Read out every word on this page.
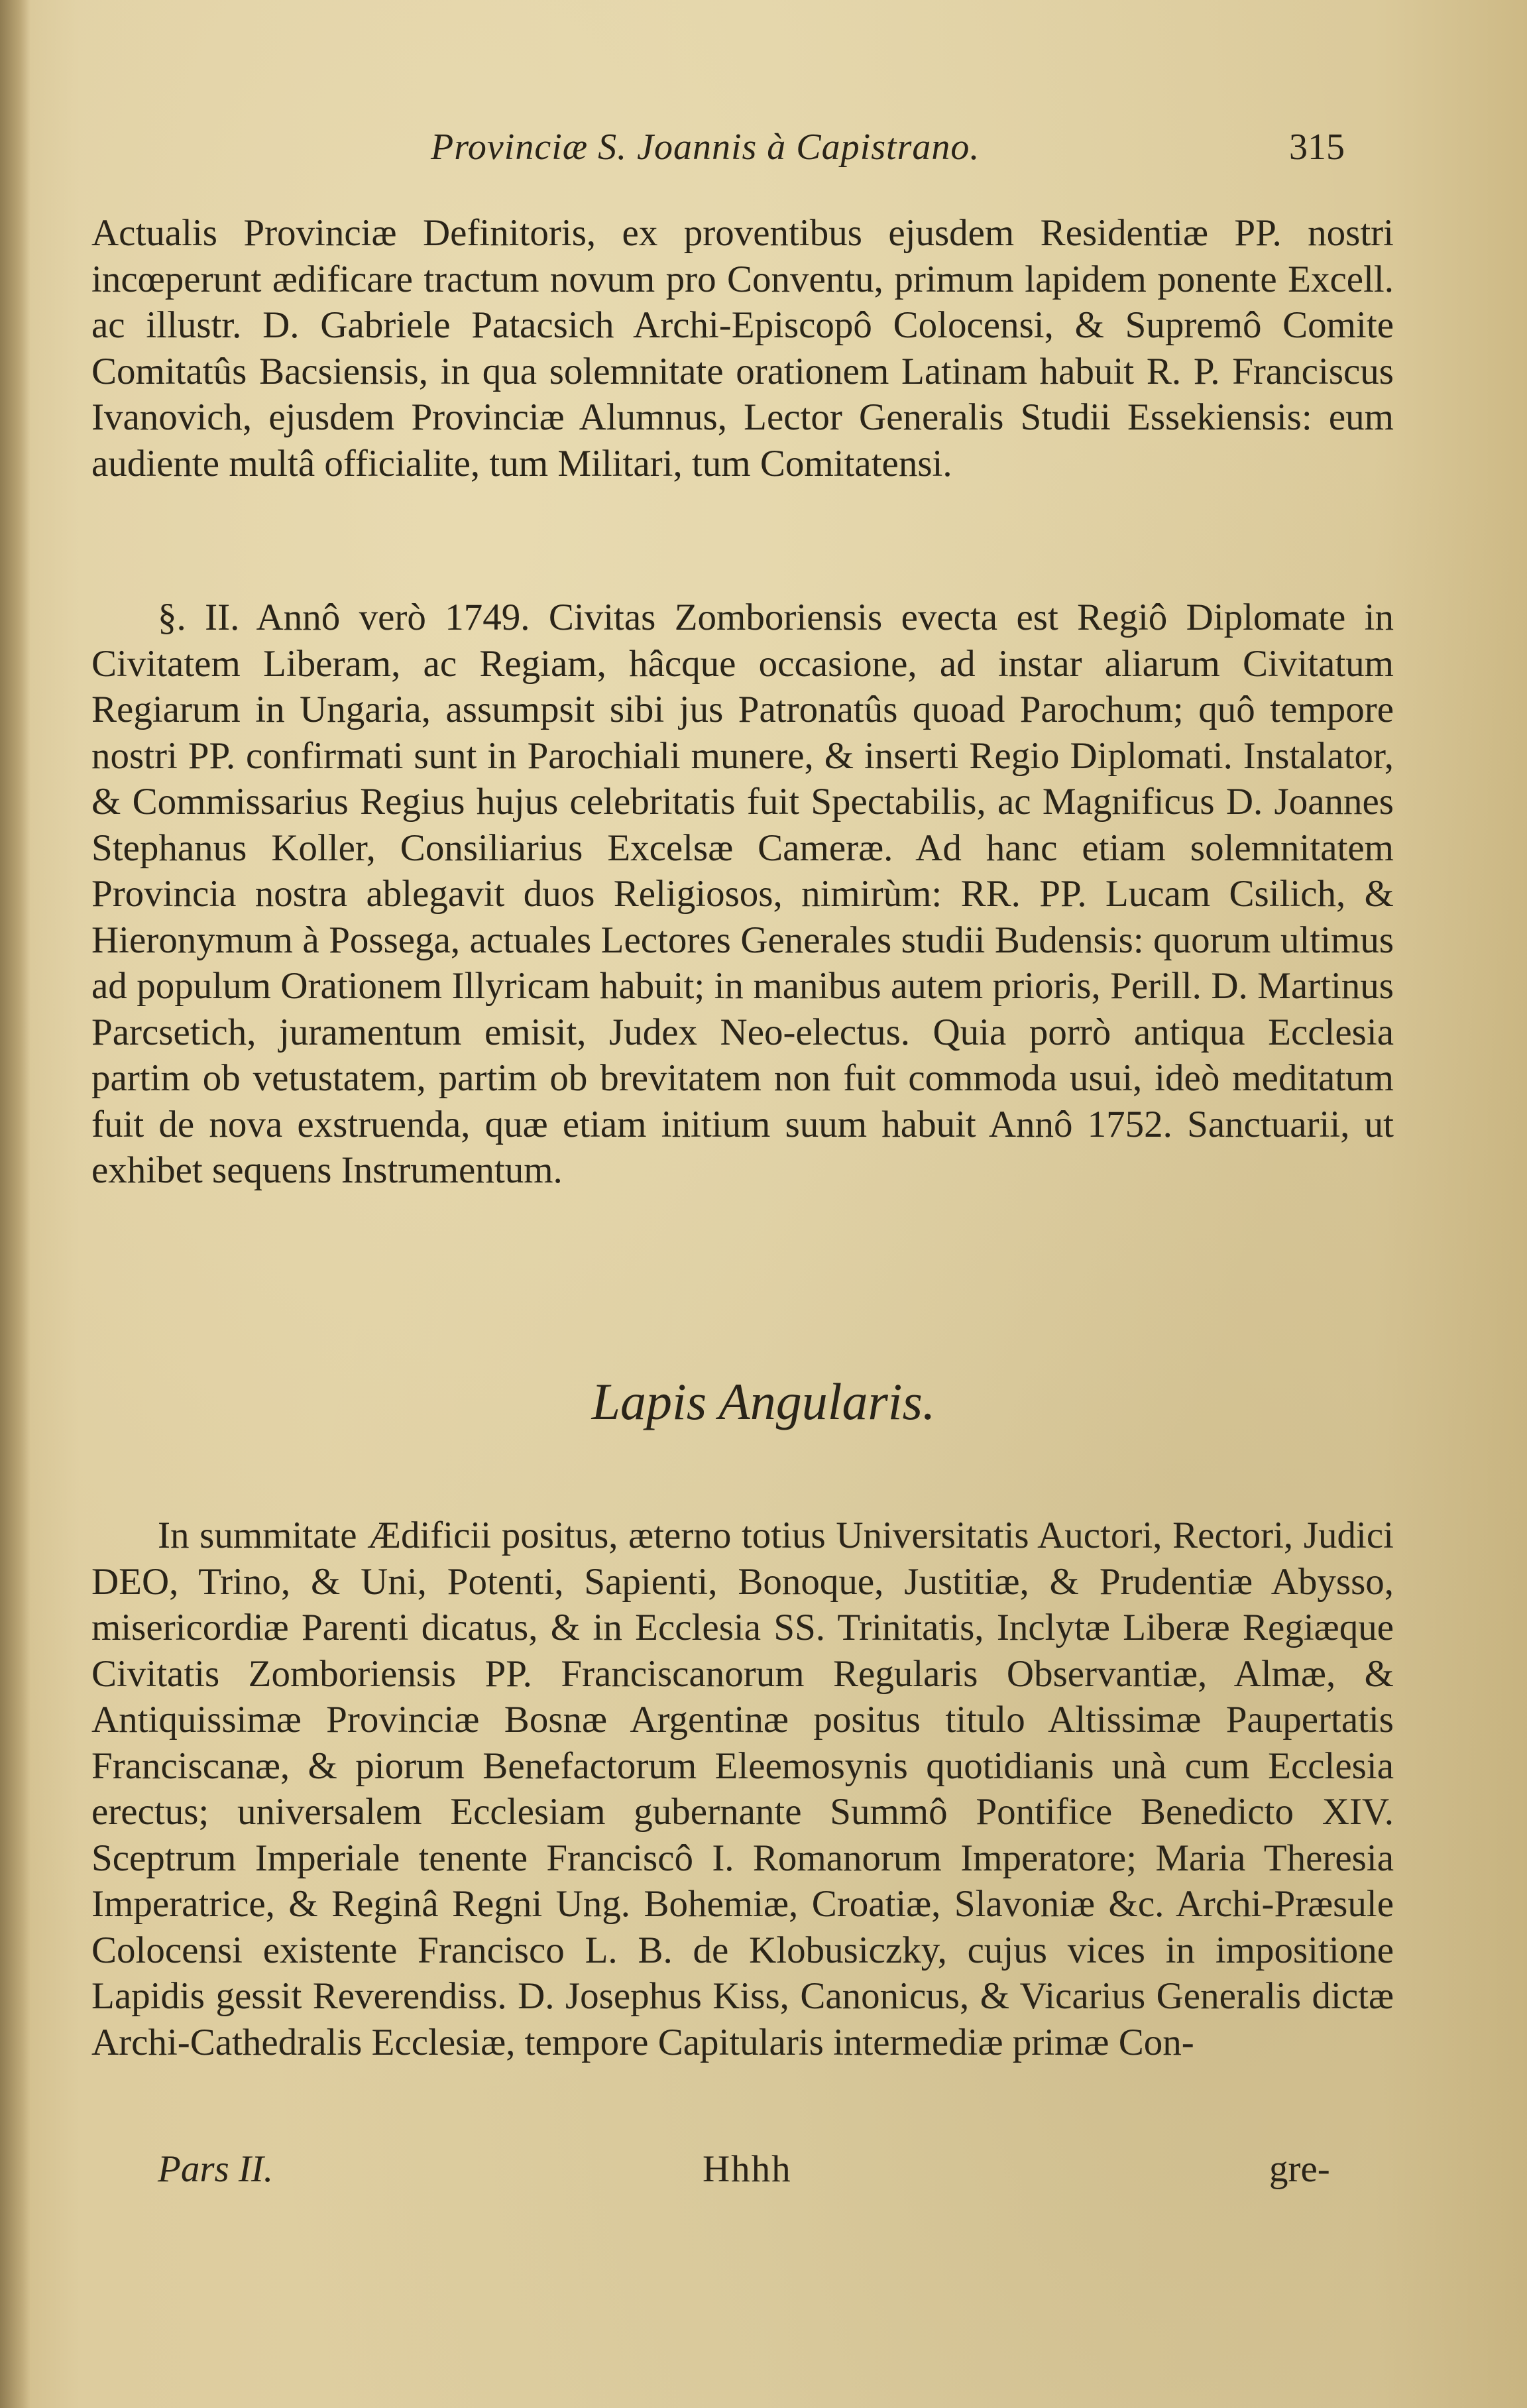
Provinciæ S. Joannis à Capistrano.	315

Actualis Provinciæ Definitoris, ex proventibus ejusdem Residentiæ PP. nostri incœperunt ædificare tractum novum pro Conventu, primum lapidem ponente Excell. ac illustr. D. Gabriele Patacsich Archi-Episcopô Colocensi, & Supremô Comite Comitatûs Bacsiensis, in qua solemnitate orationem Latinam habuit R. P. Franciscus Ivanovich, ejusdem Provinciæ Alumnus, Lector Generalis Studii Essekiensis: eum audiente multâ officialite, tum Militari, tum Comitatensi.

§. II. Annô verò 1749. Civitas Zomboriensis evecta est Regiô Diplomate in Civitatem Liberam, ac Regiam, hâcque occasione, ad instar aliarum Civitatum Regiarum in Ungaria, assumpsit sibi jus Patronatûs quoad Parochum; quô tempore nostri PP. confirmati sunt in Parochiali munere, & inserti Regio Diplomati. Instalator, & Commissarius Regius hujus celebritatis fuit Spectabilis, ac Magnificus D. Joannes Stephanus Koller, Consiliarius Excelsæ Cameræ. Ad hanc etiam solemnitatem Provincia nostra ablegavit duos Religiosos, nimirùm: RR. PP. Lucam Csilich, & Hieronymum à Possega, actuales Lectores Generales studii Budensis: quorum ultimus ad populum Orationem Illyricam habuit; in manibus autem prioris, Perill. D. Martinus Parcsetich, juramentum emisit, Judex Neo-electus. Quia porrò antiqua Ecclesia partim ob vetustatem, partim ob brevitatem non fuit commoda usui, ideò meditatum fuit de nova exstruenda, quæ etiam initium suum habuit Annô 1752. Sanctuarii, ut exhibet sequens Instrumentum.

Lapis Angularis.

In summitate Ædificii positus, æterno totius Universitatis Auctori, Rectori, Judici DEO, Trino, & Uni, Potenti, Sapienti, Bonoque, Justitiæ, & Prudentiæ Abysso, misericordiæ Parenti dicatus, & in Ecclesia SS. Trinitatis, Inclytæ Liberæ Regiæque Civitatis Zomboriensis PP. Franciscanorum Regularis Observantiæ, Almæ, & Antiquissimæ Provinciæ Bosnæ Argentinæ positus titulo Altissimæ Paupertatis Franciscanæ, & piorum Benefactorum Eleemosynis quotidianis unà cum Ecclesia erectus; universalem Ecclesiam gubernante Summô Pontifice Benedicto XIV. Sceptrum Imperiale tenente Franciscô I. Romanorum Imperatore; Maria Theresia Imperatrice, & Reginâ Regni Ung. Bohemiæ, Croatiæ, Slavoniæ &c. Archi-Præsule Colocensi existente Francisco L. B. de Klobusiczky, cujus vices in impositione Lapidis gessit Reverendiss. D. Josephus Kiss, Canonicus, & Vicarius Generalis dictæ Archi-Cathedralis Ecclesiæ, tempore Capitularis intermediæ primæ Con-

Pars II.	Hhhh	gre-
